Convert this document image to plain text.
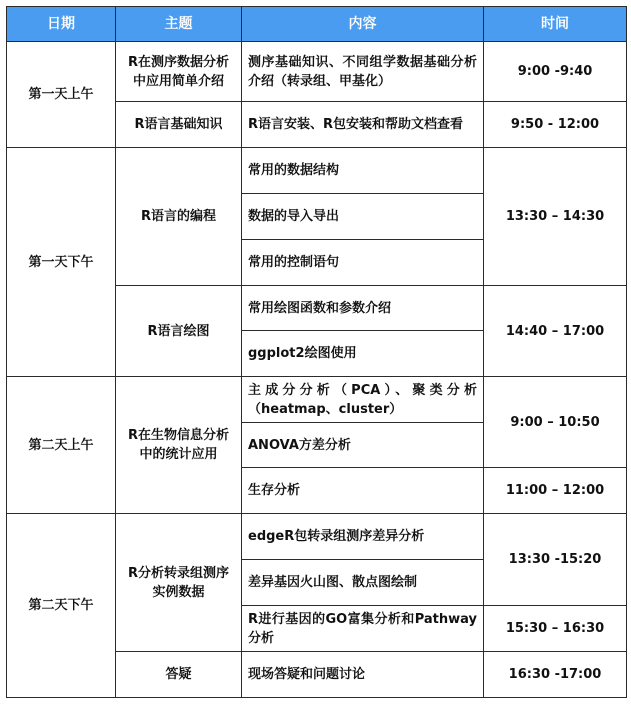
日期	主题	内容	时间
第一天上午	R在测序数据分析中应用简单介绍	测序基础知识、不同组学数据基础分析介绍（转录组、甲基化）	9:00 -9:40
	R语言基础知识	R语言安装、R包安装和帮助文档查看	9:50 - 12:00
第一天下午	R语言的编程	常用的数据结构	13:30 – 14:30
		数据的导入导出	
		常用的控制语句	
	R语言绘图	常用绘图函数和参数介绍	14:40 – 17:00
		ggplot2绘图使用	
第二天上午	R在生物信息分析中的统计应用	主成分分析（PCA）、聚类分析（heatmap、cluster）	9:00 – 10:50
		ANOVA方差分析	
		生存分析	11:00 – 12:00
第二天下午	R分析转录组测序实例数据	edgeR包转录组测序差异分析	13:30 -15:20
		差异基因火山图、散点图绘制	
		R进行基因的GO富集分析和Pathway分析	15:30 – 16:30
	答疑	现场答疑和问题讨论	16:30 -17:00
